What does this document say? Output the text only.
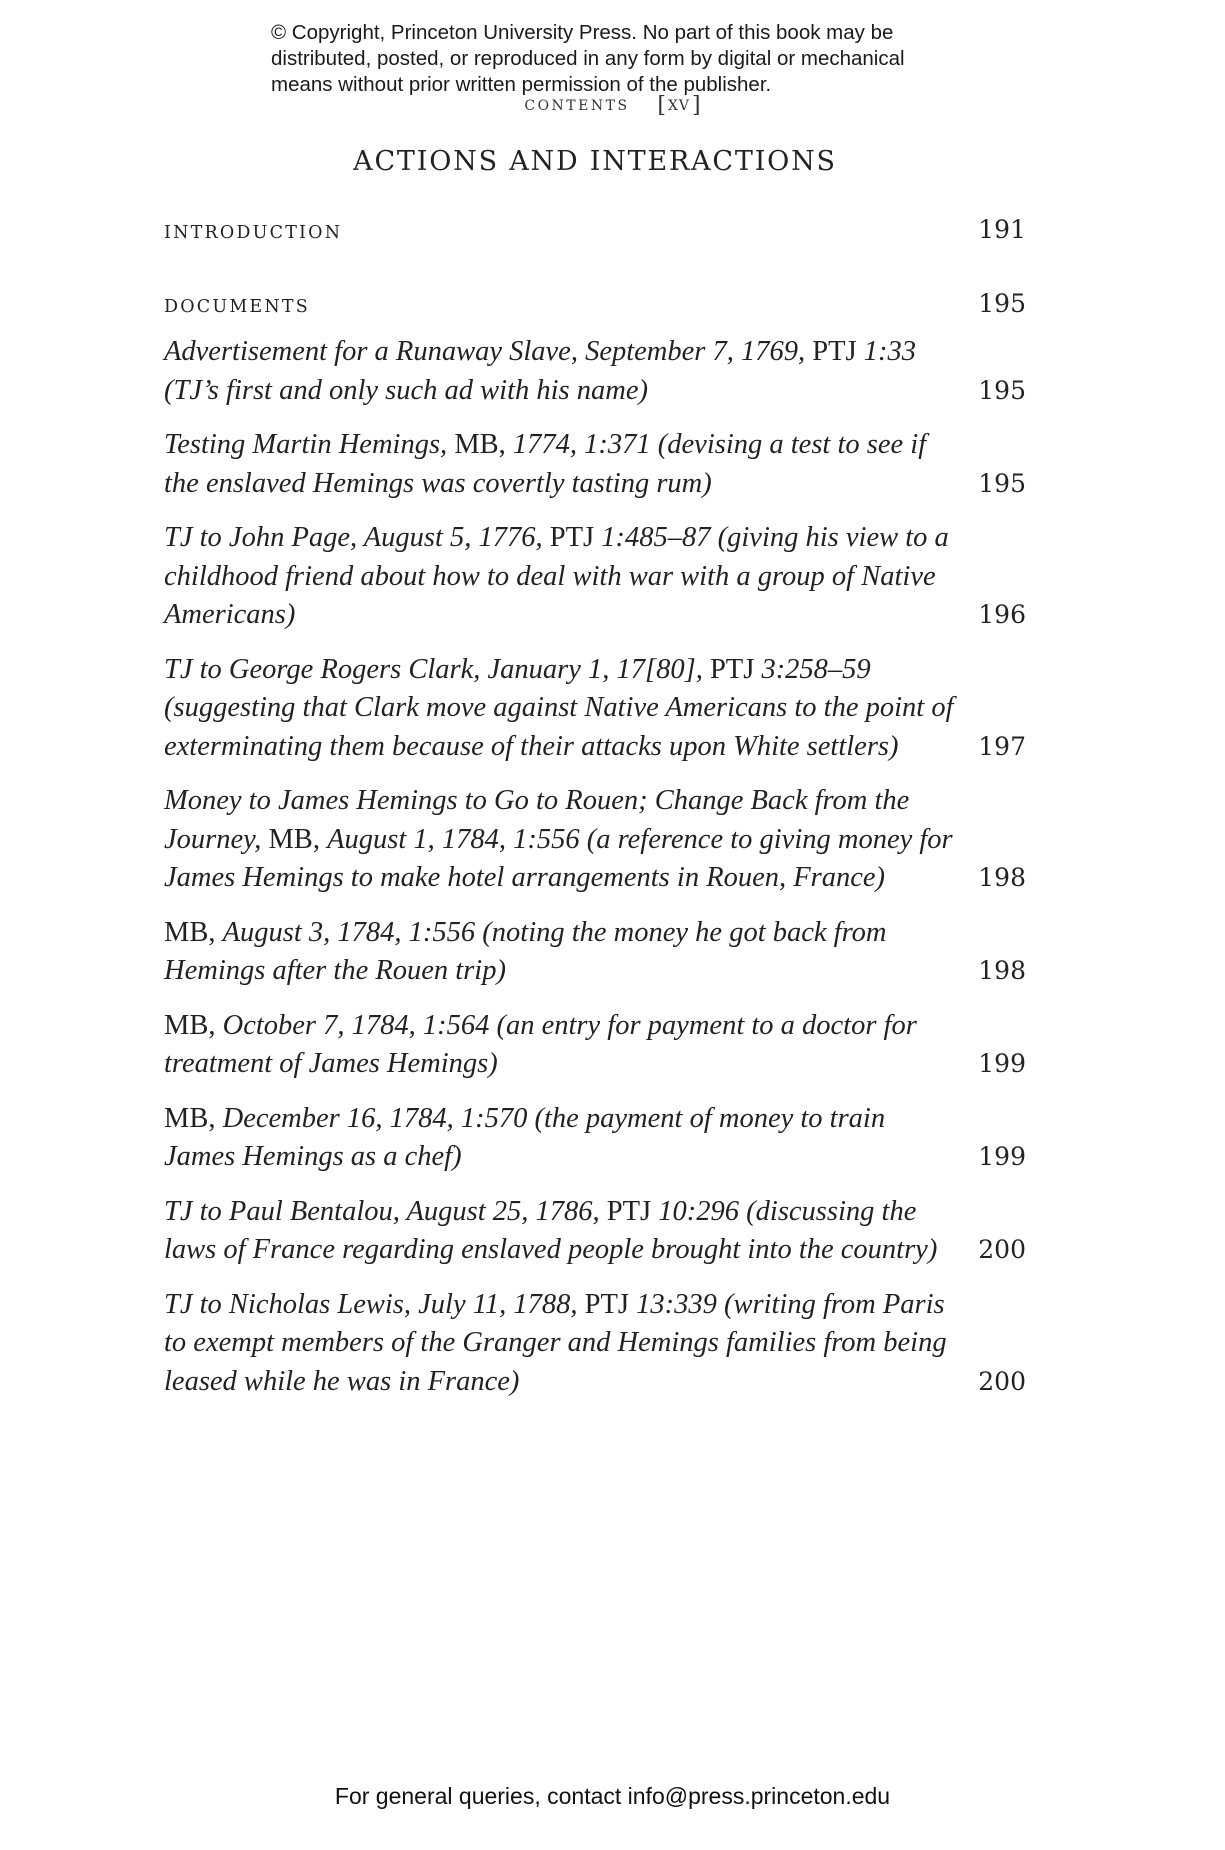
© Copyright, Princeton University Press. No part of this book may be
distributed, posted, or reproduced in any form by digital or mechanical
means without prior written permission of the publisher.
CONTENTS [ XV]
ACTIONS AND INTERACTIONS
INTRODUCTION	191
DOCUMENTS	195
Advertisement for a Runaway Slave, September 7, 1769, PTJ 1:33 (TJ’s first and only such ad with his name)	195
Testing Martin Hemings, MB, 1774, 1:371 (devising a test to see if the enslaved Hemings was covertly tasting rum)	195
TJ to John Page, August 5, 1776, PTJ 1:485–87 (giving his view to a childhood friend about how to deal with war with a group of Native Americans)	196
TJ to George Rogers Clark, January 1, 17[80], PTJ 3:258–59 (suggesting that Clark move against Native Americans to the point of exterminating them because of their attacks upon White settlers)	197
Money to James Hemings to Go to Rouen; Change Back from the Journey, MB, August 1, 1784, 1:556 (a reference to giving money for James Hemings to make hotel arrangements in Rouen, France)	198
MB, August 3, 1784, 1:556 (noting the money he got back from Hemings after the Rouen trip)	198
MB, October 7, 1784, 1:564 (an entry for payment to a doctor for treatment of James Hemings)	199
MB, December 16, 1784, 1:570 (the payment of money to train James Hemings as a chef)	199
TJ to Paul Bentalou, August 25, 1786, PTJ 10:296 (discussing the laws of France regarding enslaved people brought into the country)	200
TJ to Nicholas Lewis, July 11, 1788, PTJ 13:339 (writing from Paris to exempt members of the Granger and Hemings families from being leased while he was in France)	200
For general queries, contact info@press.princeton.edu
